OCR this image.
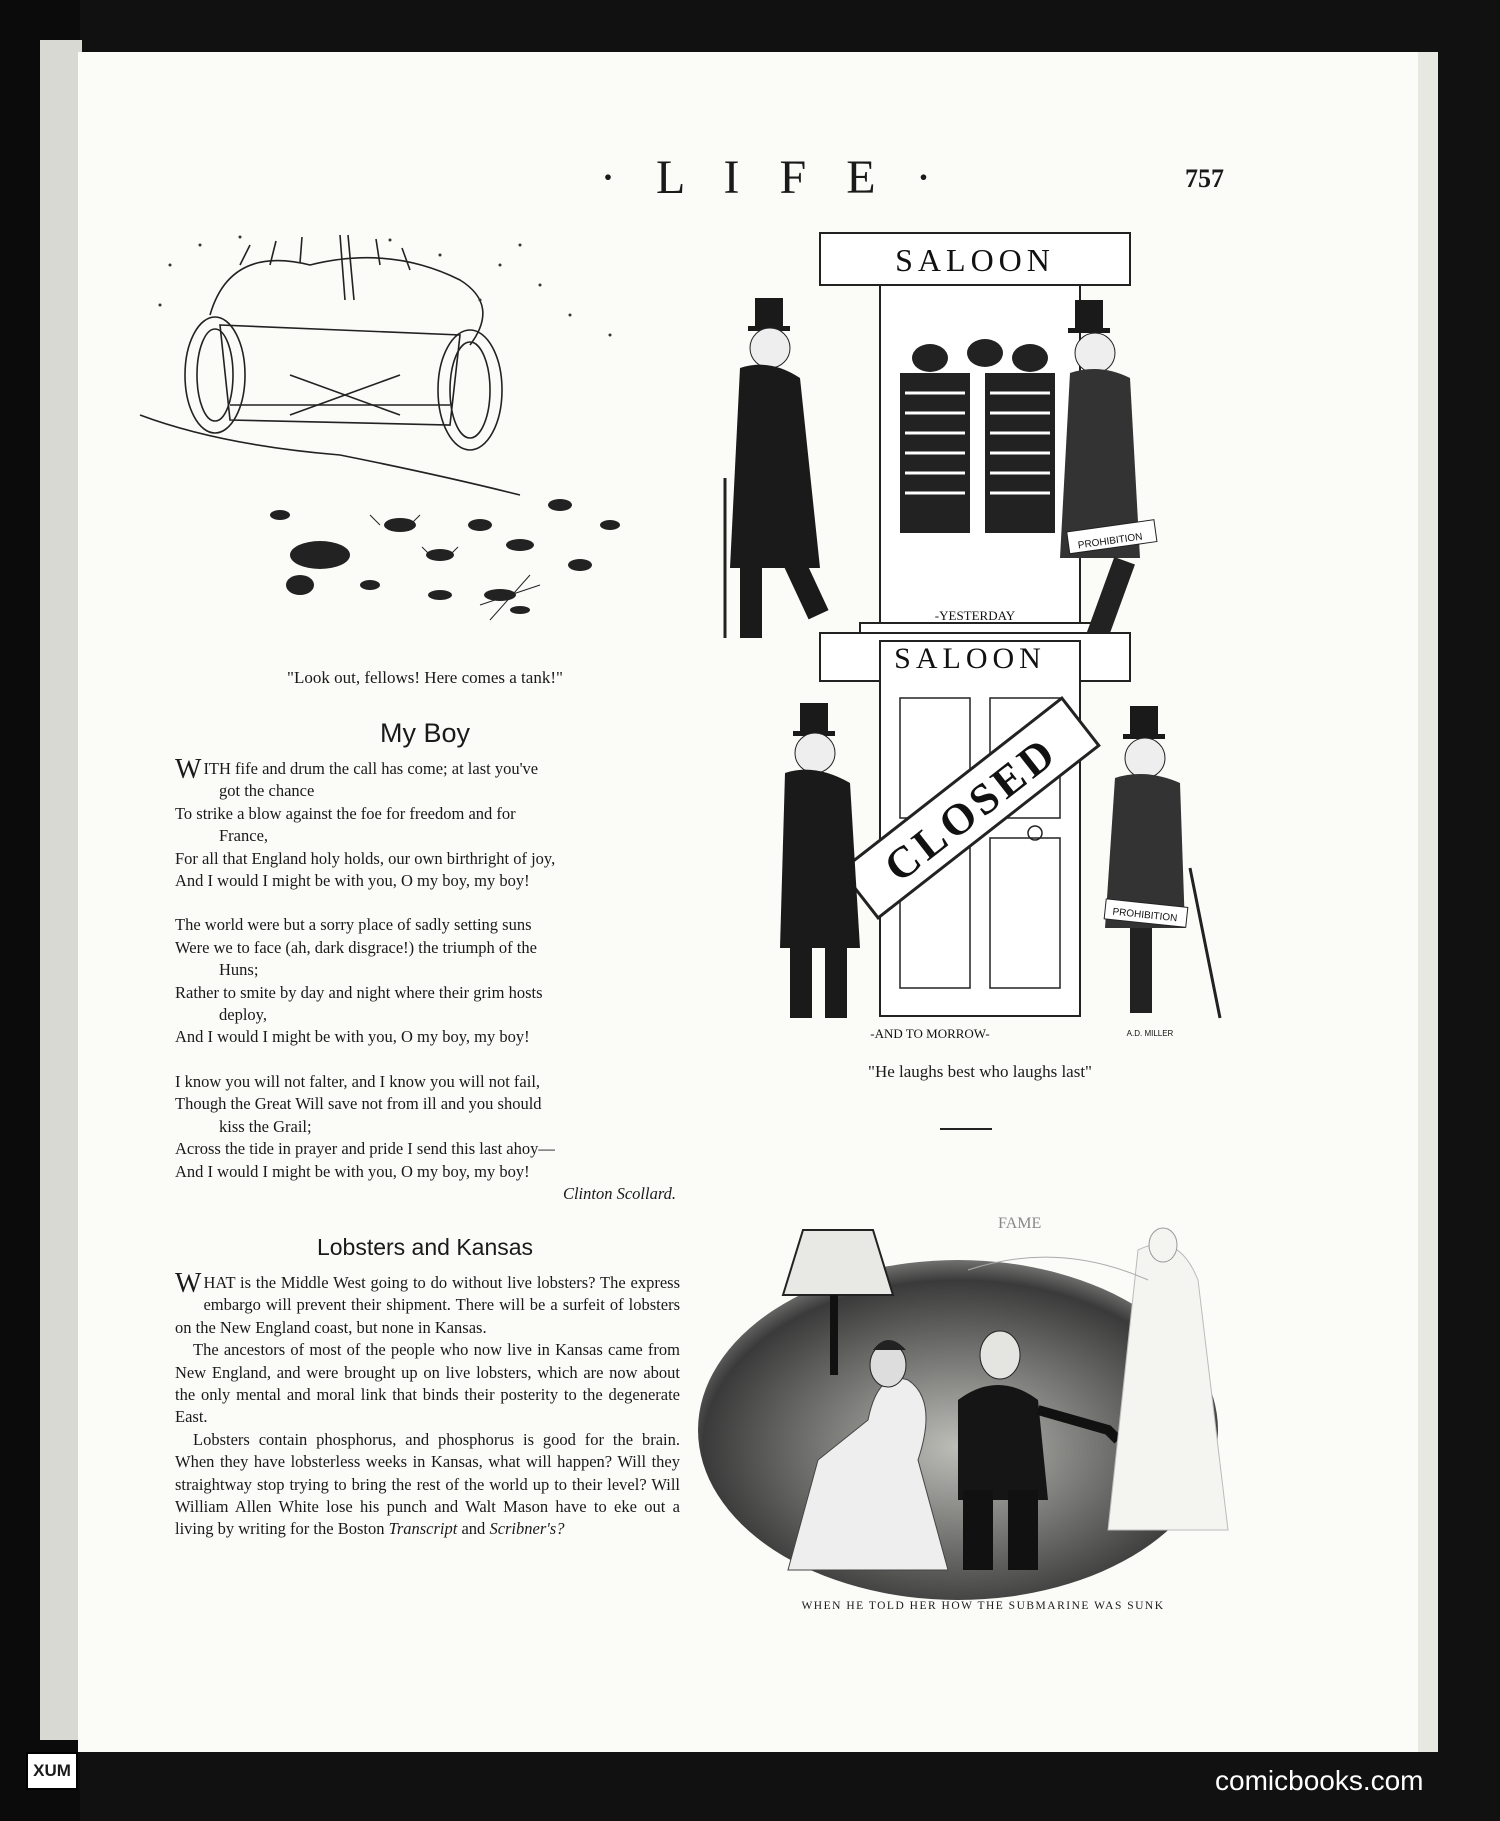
· L I F E ·	757
"Look out, fellows! Here comes a tank!"
SALOON
-YESTERDAY
PROHIBITION
SALOON
CLOSED
PROHIBITION
-AND TO MORROW-	A.D. MILLER
"He laughs best who laughs last"
FAME
WHEN HE TOLD HER HOW THE SUBMARINE WAS SUNK
My Boy
WITH fife and drum the call has come; at last you've
got the chance
To strike a blow against the foe for freedom and for
France,
For all that England holy holds, our own birthright of joy,
And I would I might be with you, O my boy, my boy!
The world were but a sorry place of sadly setting suns
Were we to face (ah, dark disgrace!) the triumph of the
Huns;
Rather to smite by day and night where their grim hosts
deploy,
And I would I might be with you, O my boy, my boy!
I know you will not falter, and I know you will not fail,
Though the Great Will save not from ill and you should
kiss the Grail;
Across the tide in prayer and pride I send this last ahoy—
And I would I might be with you, O my boy, my boy!
Clinton Scollard.
Lobsters and Kansas

WHAT is the Middle West going to do without live lobsters? The express embargo will prevent their shipment. There will be a surfeit of lobsters on the New England coast, but none in Kansas.

The ancestors of most of the people who now live in Kansas came from New England, and were brought up on live lobsters, which are now about the only mental and moral link that binds their posterity to the degenerate East.

Lobsters contain phosphorus, and phosphorus is good for the brain. When they have lobsterless weeks in Kansas, what will happen? Will they straightway stop trying to bring the rest of the world up to their level? Will William Allen White lose his punch and Walt Mason have to eke out a living by writing for the Boston Transcript and Scribner's?

XUM	comicbooks.com
